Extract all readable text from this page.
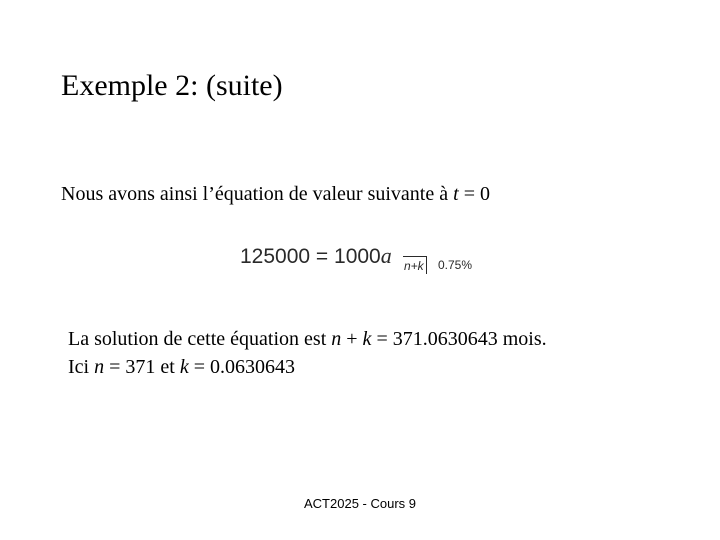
Exemple 2: (suite)
Nous avons ainsi l’équation de valeur suivante à t = 0
125000 = 1000a n+k 0.75%
La solution de cette équation est n + k = 371.0630643 mois.
Ici n = 371 et k = 0.0630643
ACT2025 - Cours 9
